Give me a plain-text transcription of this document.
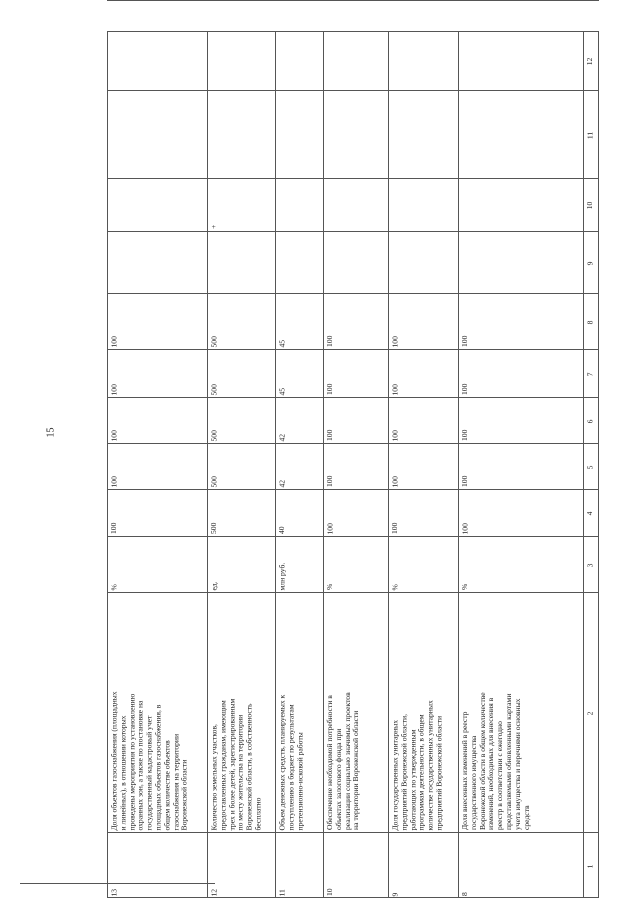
15
1
2
3
4
5
6
7
8
9
10
11
12
8
Доля внесенных изменений в реестр
государственного имущества
Воронежской области в общем количестве
изменений, необходимых для внесения в
реестр в соответствии с ежегодно
представляемыми обновленными картами
учета имущества и перечнями основных
средств
%
100
100
100
100
100
9
Доля государственных унитарных
предприятий Воронежской области,
работающих по утвержденным
программам деятельности, в общем
количестве государственных унитарных
предприятий Воронежской области
%
100
100
100
100
100
10
Обеспечение необходимой потребности в
объектах залогового фонда при
реализации социально значимых проектов
на территории Воронежской области
%
100
100
100
100
100
11
Объем денежных средств, планируемых к
поступлению в бюджет по результатам
претензионно-исковой работы
млн руб.
40
42
42
45
45
12
Количество земельных участков,
предоставленных гражданам, имеющим
трех и более детей, зарегистрированным
по месту жительства на территории
Воронежской области, в собственность
бесплатно
ед.
500
500
500
500
500
+
13
Доля объектов газоснабжения (площадных
и линейных), в отношении которых
проведены мероприятия по установлению
охранных зон, а также по постановке на
государственный кадастровый учет
площадных объектов газоснабжения, в
общем количестве объектов
газоснабжения на территории
Воронежской области
%
100
100
100
100
100
